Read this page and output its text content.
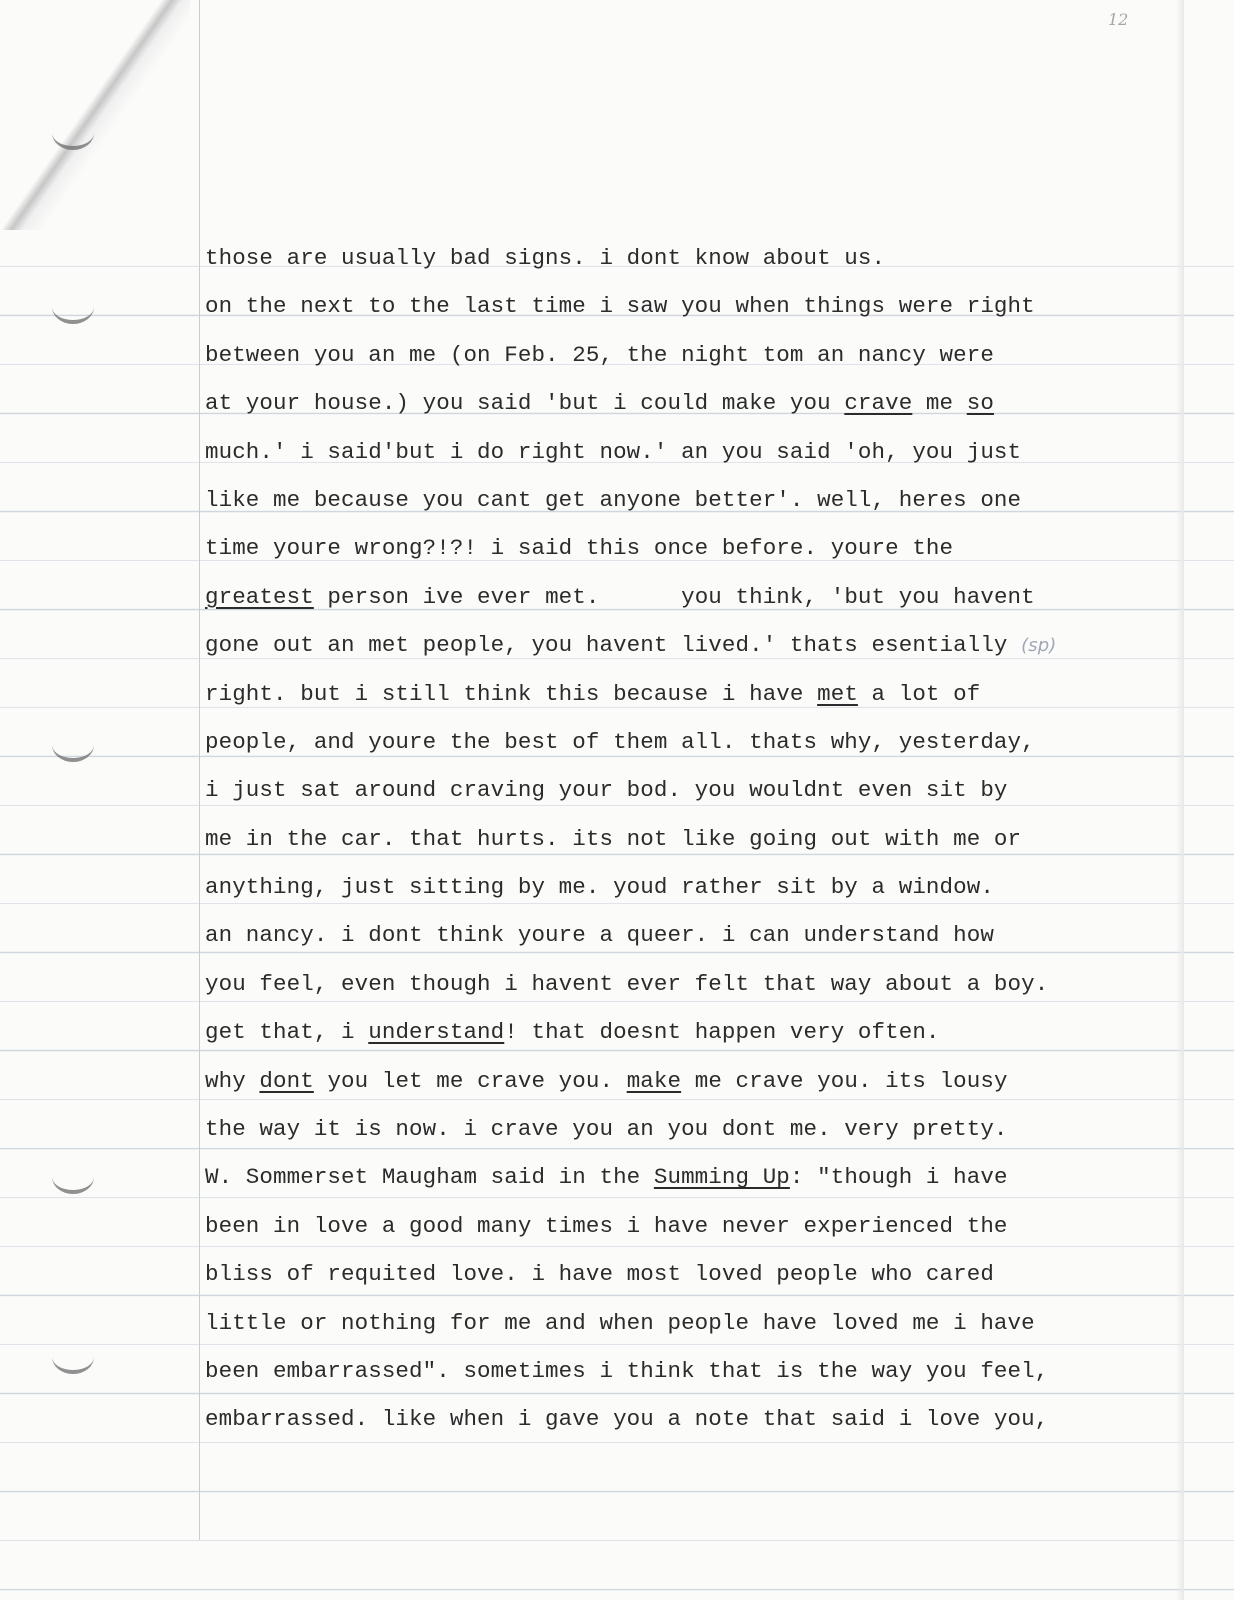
12
those are usually bad signs. i dont know about us.
on the next to the last time i saw you when things were right
between you an me (on Feb. 25, the night tom an nancy were
at your house.) you said 'but i could make you crave me so
much.' i said'but i do right now.' an you said 'oh, you just
like me because you cant get anyone better'. well, heres one
time youre wrong?!?! i said this once before. youre the
greatest person ive ever met.      you think, 'but you havent
gone out an met people, you havent lived.' thats esentially (sp)
right. but i still think this because i have met a lot of
people, and youre the best of them all. thats why, yesterday,
i just sat around craving your bod. you wouldnt even sit by
me in the car. that hurts. its not like going out with me or
anything, just sitting by me. youd rather sit by a window.
an nancy. i dont think youre a queer. i can understand how
you feel, even though i havent ever felt that way about a boy.
get that, i understand! that doesnt happen very often.
why dont you let me crave you. make me crave you. its lousy
the way it is now. i crave you an you dont me. very pretty.
W. Sommerset Maugham said in the Summing Up: "though i have
been in love a good many times i have never experienced the
bliss of requited love. i have most loved people who cared
little or nothing for me and when people have loved me i have
been embarrassed". sometimes i think that is the way you feel,
embarrassed. like when i gave you a note that said i love you,
